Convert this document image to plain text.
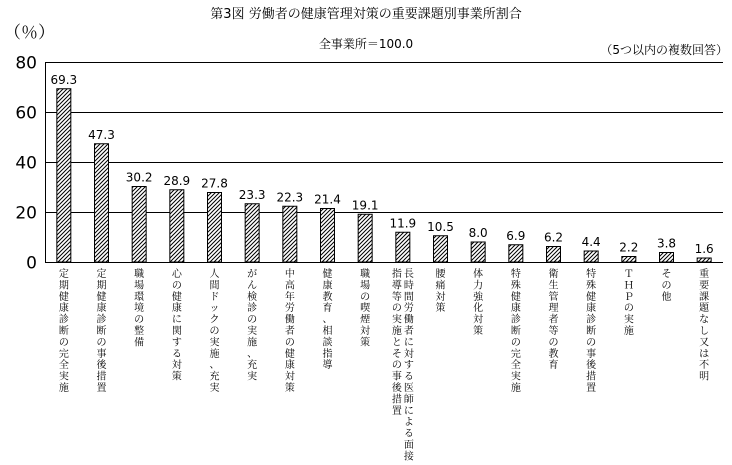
第3図 労働者の健康管理対策の重要課題別事業所割合
全事業所＝100.0	（5つ以内の複数回答）
（％）
0
20
40
60
80
69.3
47.3
30.2 28.9 27.8
23.3 22.3 21.4 19.1
11.9 10.5 8.0 6.9 6.2 4.4 2.2 3.8 1.6
定
期
健
康
診
断
の
完
全
実
施
定
期
健
康
診
断
の
事
後
措
置
職
場
環
境
の
整
備
心
の
健
康
に
関
す
る
対
策
人
間
ド
ッ
ク
の
実
施
、
充
実
が
ん
検
診
の
実
施
、
充
実
中
高
年
労
働
者
の
健
康
対
策
健
康
教
育
、
相
談
指
導
職
場
の
喫
煙
対
策
長
時
間
労
働
者
に
対
す
る
医
師
に
よ
る
面
接
指
導
等
の
実
施
と
そ
の
事
後
措
置
腰
痛
対
策
体
力
強
化
対
策
特
殊
健
康
診
断
の
完
全
実
施
衛
生
管
理
者
等
の
教
育
特
殊
健
康
診
断
の
事
後
措
置
Ｔ
Ｈ
Ｐ
の
実
施
そ
の
他
重
要
課
題
な
し
又
は
不
明
